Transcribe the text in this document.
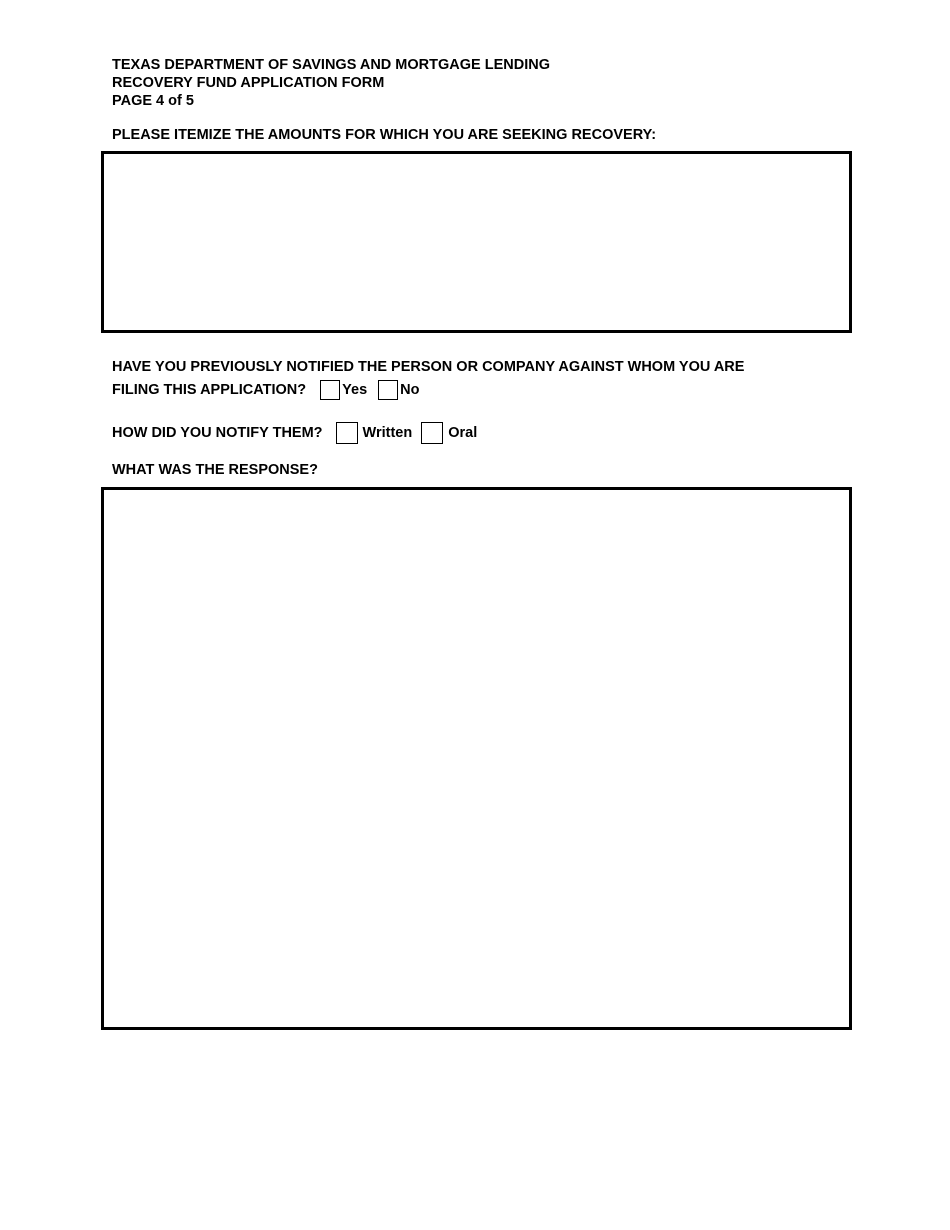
TEXAS DEPARTMENT OF SAVINGS AND MORTGAGE LENDING
RECOVERY FUND APPLICATION FORM
PAGE 4 of 5
PLEASE ITEMIZE THE AMOUNTS FOR WHICH YOU ARE SEEKING RECOVERY:
HAVE YOU PREVIOUSLY NOTIFIED THE PERSON OR COMPANY AGAINST WHOM YOU ARE
FILING THIS APPLICATION? Yes No
HOW DID YOU NOTIFY THEM?	Written Oral
WHAT WAS THE RESPONSE?
